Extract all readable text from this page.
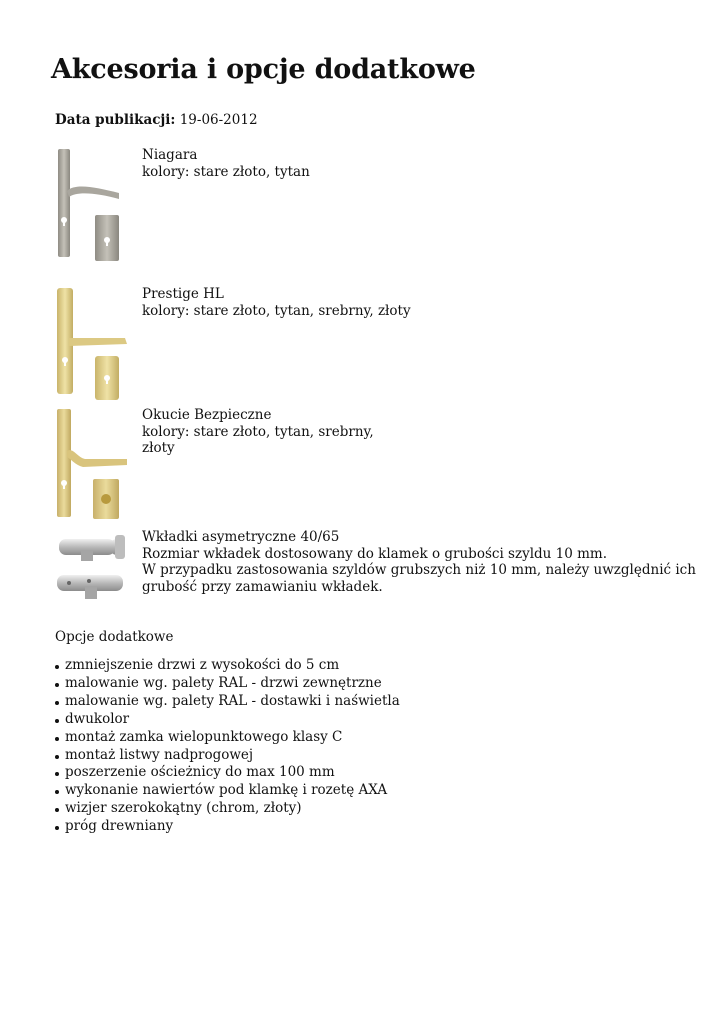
Akcesoria i opcje dodatkowe
Data publikacji: 19-06-2012
Niagara
kolory: stare złoto, tytan
Prestige HL
kolory: stare złoto, tytan, srebrny, złoty
Okucie Bezpieczne
kolory: stare złoto, tytan, srebrny,
złoty
Wkładki asymetryczne 40/65
Rozmiar wkładek dostosowany do klamek o grubości szyldu 10 mm.
W przypadku zastosowania szyldów grubszych niż 10 mm, należy uwzględnić ich
grubość przy zamawianiu wkładek.
Opcje dodatkowe
zmniejszenie drzwi z wysokości do 5 cm
malowanie wg. palety RAL - drzwi zewnętrzne
malowanie wg. palety RAL - dostawki i naświetla
dwukolor
montaż zamka wielopunktowego klasy C
montaż listwy nadprogowej
poszerzenie ościeżnicy do max 100 mm
wykonanie nawiertów pod klamkę i rozetę AXA
wizjer szerokokątny (chrom, złoty)
próg drewniany
